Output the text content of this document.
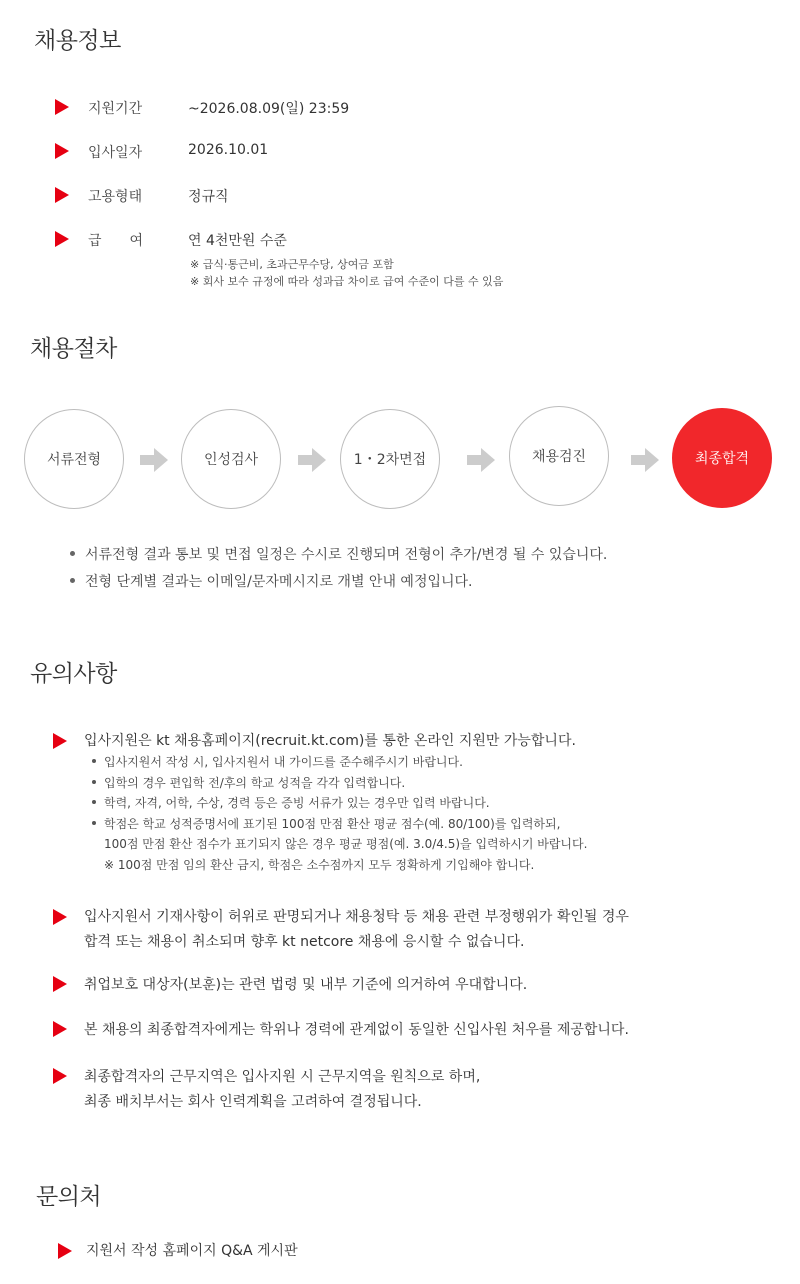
채용정보
지원기간	~2026.08.09(일) 23:59
입사일자	2026.10.01
고용형태	정규직
급　　여	연 4천만원 수준
※ 급식·통근비, 초과근무수당, 상여금 포함
※ 회사 보수 규정에 따라 성과급 차이로 급여 수준이 다를 수 있음
채용절차
서류전형	인성검사	1・2차면접	채용검진	최종합격
서류전형 결과 통보 및 면접 일정은 수시로 진행되며 전형이 추가/변경 될 수 있습니다.
전형 단계별 결과는 이메일/문자메시지로 개별 안내 예정입니다.
유의사항
입사지원은 kt 채용홈페이지(recruit.kt.com)를 통한 온라인 지원만 가능합니다.
입사지원서 작성 시, 입사지원서 내 가이드를 준수해주시기 바랍니다.
입학의 경우 편입학 전/후의 학교 성적을 각각 입력합니다.
학력, 자격, 어학, 수상, 경력 등은 증빙 서류가 있는 경우만 입력 바랍니다.
학점은 학교 성적증명서에 표기된 100점 만점 환산 평균 점수(예. 80/100)를 입력하되,
100점 만점 환산 점수가 표기되지 않은 경우 평균 평점(예. 3.0/4.5)을 입력하시기 바랍니다.
※ 100점 만점 임의 환산 금지, 학점은 소수점까지 모두 정확하게 기입해야 합니다.
입사지원서 기재사항이 허위로 판명되거나 채용청탁 등 채용 관련 부정행위가 확인될 경우
합격 또는 채용이 취소되며 향후 kt netcore 채용에 응시할 수 없습니다.
취업보호 대상자(보훈)는 관련 법령 및 내부 기준에 의거하여 우대합니다.
본 채용의 최종합격자에게는 학위나 경력에 관계없이 동일한 신입사원 처우를 제공합니다.
최종합격자의 근무지역은 입사지원 시 근무지역을 원칙으로 하며,
최종 배치부서는 회사 인력계획을 고려하여 결정됩니다.
문의처
지원서 작성 홈페이지 Q&A 게시판
